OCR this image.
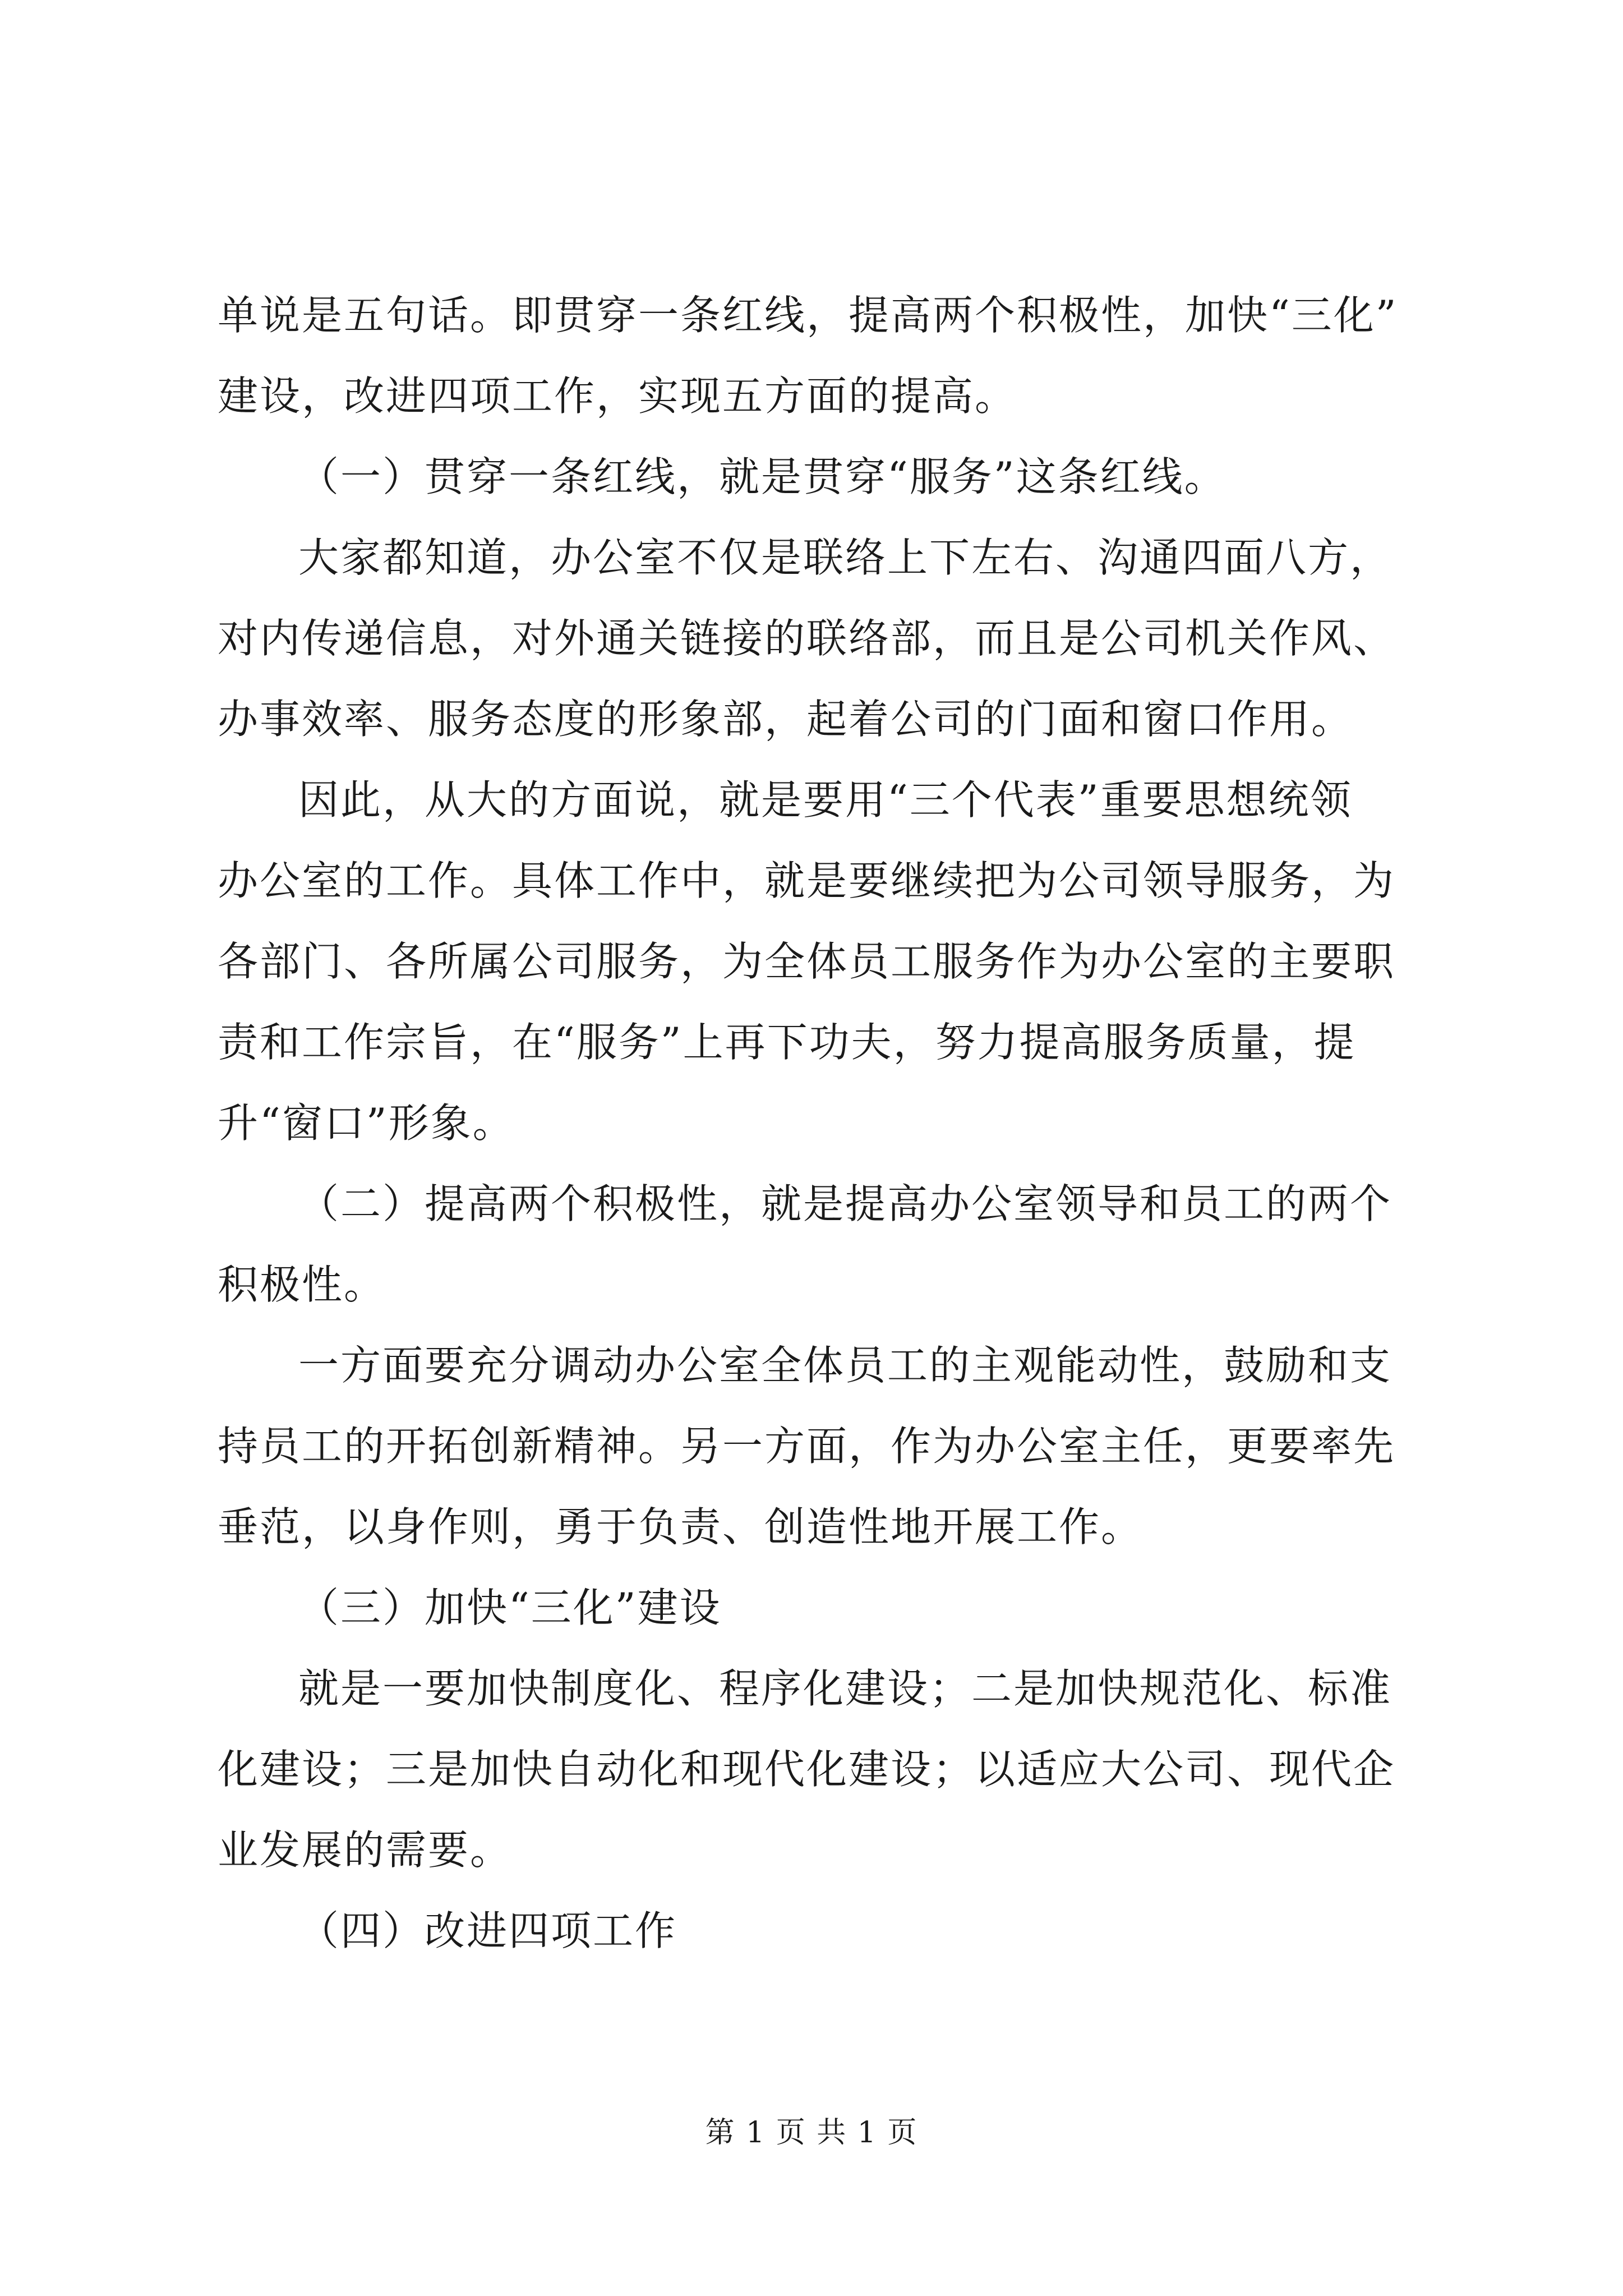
单说是五句话。即贯穿一条红线，提高两个积极性，加快“三化”
建设，改进四项工作，实现五方面的提高。
（一）贯穿一条红线，就是贯穿“服务”这条红线。
大家都知道，办公室不仅是联络上下左右、沟通四面八方，
对内传递信息，对外通关链接的联络部，而且是公司机关作风、
办事效率、服务态度的形象部，起着公司的门面和窗口作用。
因此，从大的方面说，就是要用“三个代表”重要思想统领
办公室的工作。具体工作中，就是要继续把为公司领导服务，为
各部门、各所属公司服务，为全体员工服务作为办公室的主要职
责和工作宗旨，在“服务”上再下功夫，努力提高服务质量，提
升“窗口”形象。
（二）提高两个积极性，就是提高办公室领导和员工的两个
积极性。
一方面要充分调动办公室全体员工的主观能动性，鼓励和支
持员工的开拓创新精神。另一方面，作为办公室主任，更要率先
垂范，以身作则，勇于负责、创造性地开展工作。
（三）加快“三化”建设
就是一要加快制度化、程序化建设；二是加快规范化、标准
化建设；三是加快自动化和现代化建设；以适应大公司、现代企
业发展的需要。
（四）改进四项工作
第 1 页 共 1 页
